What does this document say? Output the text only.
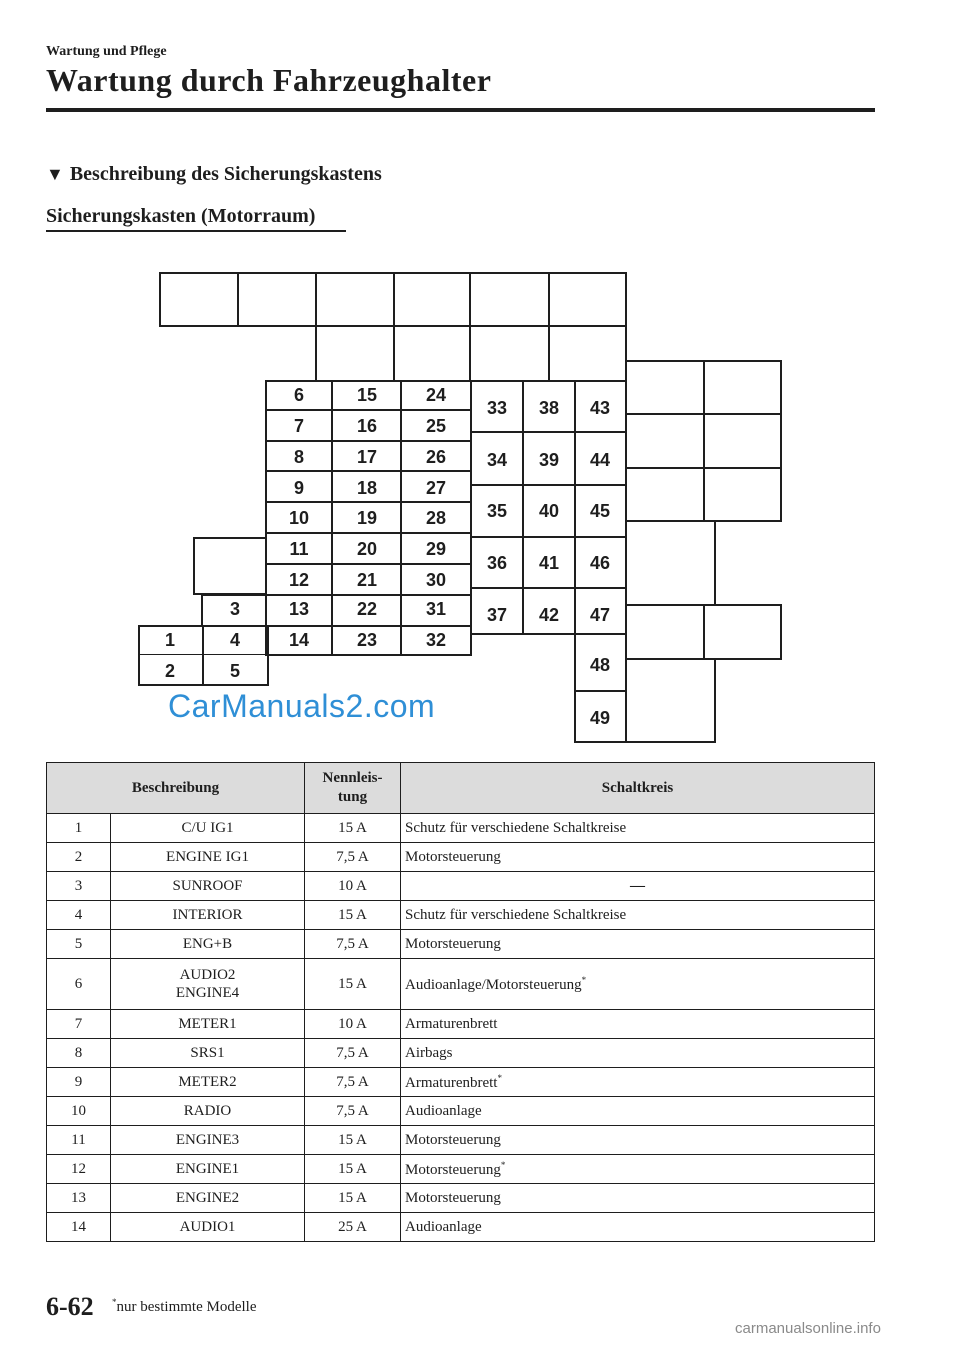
Wartung und Pflege
Wartung durch Fahrzeughalter
▼ Beschreibung des Sicherungskastens
Sicherungskasten (Motorraum)
1
2
3
4
5
6
7
8
9
10
11
12
13
14
15
16
17
18
19
20
21
22
23
24
25
26
27
28
29
30
31
32
33
34
35
36
37
38
39
40
41
42
43
44
45
46
47
48
49
CarManuals2.com
Beschreibung		Nennleis-
tung	Schaltkreis
1	C/U IG1	15 A	Schutz für verschiedene Schaltkreise
2	ENGINE IG1	7,5 A	Motorsteuerung
3	SUNROOF	10 A	—
4	INTERIOR	15 A	Schutz für verschiedene Schaltkreise
5	ENG+B	7,5 A	Motorsteuerung
6	AUDIO2
ENGINE4	15 A	Audioanlage/Motorsteuerung*
7	METER1	10 A	Armaturenbrett
8	SRS1	7,5 A	Airbags
9	METER2	7,5 A	Armaturenbrett*
10	RADIO	7,5 A	Audioanlage
11	ENGINE3	15 A	Motorsteuerung
12	ENGINE1	15 A	Motorsteuerung*
13	ENGINE2	15 A	Motorsteuerung
14	AUDIO1	25 A	Audioanlage
6-62 *nur bestimmte Modelle
carmanualsonline.info
